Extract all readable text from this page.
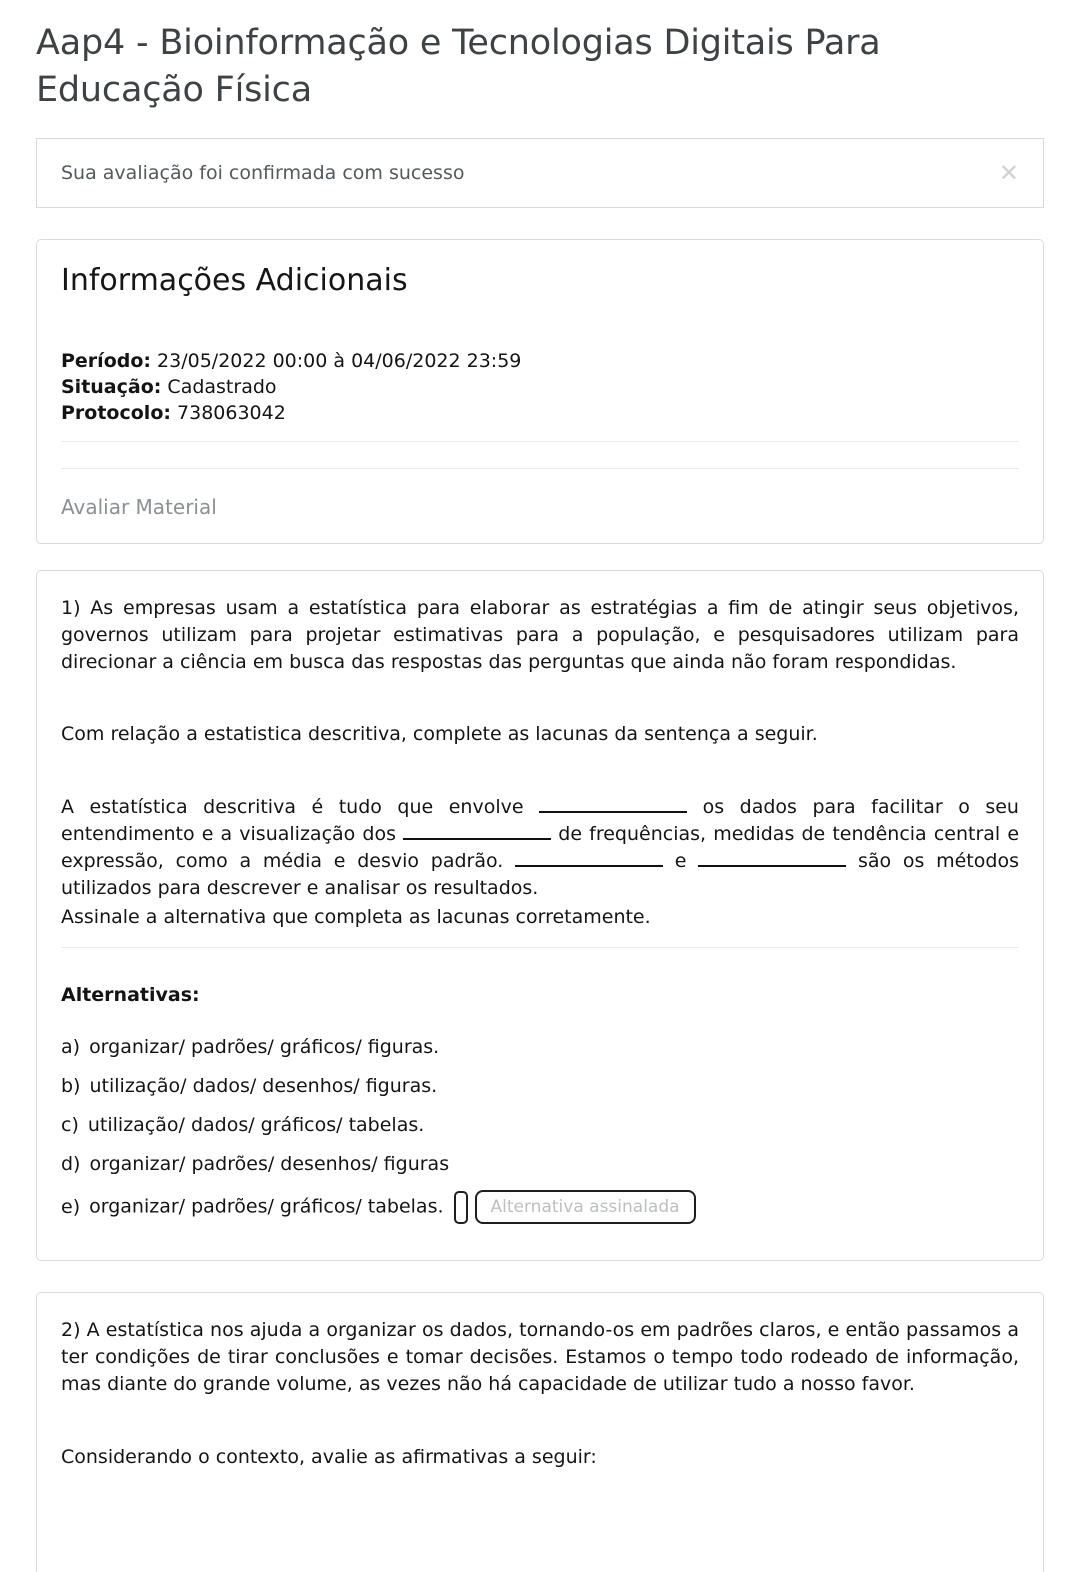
Aap4 - Bioinformação e Tecnologias Digitais Para Educação Física
Sua avaliação foi confirmada com sucesso	✕
Informações Adicionais
Período: 23/05/2022 00:00 à 04/06/2022 23:59
Situação: Cadastrado
Protocolo: 738063042
Avaliar Material

1) As empresas usam a estatística para elaborar as estratégias a fim de atingir seus objetivos, governos utilizam para projetar estimativas para a população, e pesquisadores utilizam para direcionar a ciência em busca das respostas das perguntas que ainda não foram respondidas.

Com relação a estatistica descritiva, complete as lacunas da sentença a seguir.

A estatística descritiva é tudo que envolve	os dados para facilitar o seu entendimento e a visualização dos	de frequências, medidas de tendência central e expressão, como a média e desvio padrão.	e	são os métodos utilizados para descrever e analisar os resultados.

Assinale a alternativa que completa as lacunas corretamente.

Alternativas:
a) organizar/ padrões/ gráficos/ figuras.
b) utilização/ dados/ desenhos/ figuras.
c) utilização/ dados/ gráficos/ tabelas.
d) organizar/ padrões/ desenhos/ figuras
e) organizar/ padrões/ gráficos/ tabelas.	Alternativa assinalada

2) A estatística nos ajuda a organizar os dados, tornando-os em padrões claros, e então passamos a ter condições de tirar conclusões e tomar decisões. Estamos o tempo todo rodeado de informação, mas diante do grande volume, as vezes não há capacidade de utilizar tudo a nosso favor.

Considerando o contexto, avalie as afirmativas a seguir:
